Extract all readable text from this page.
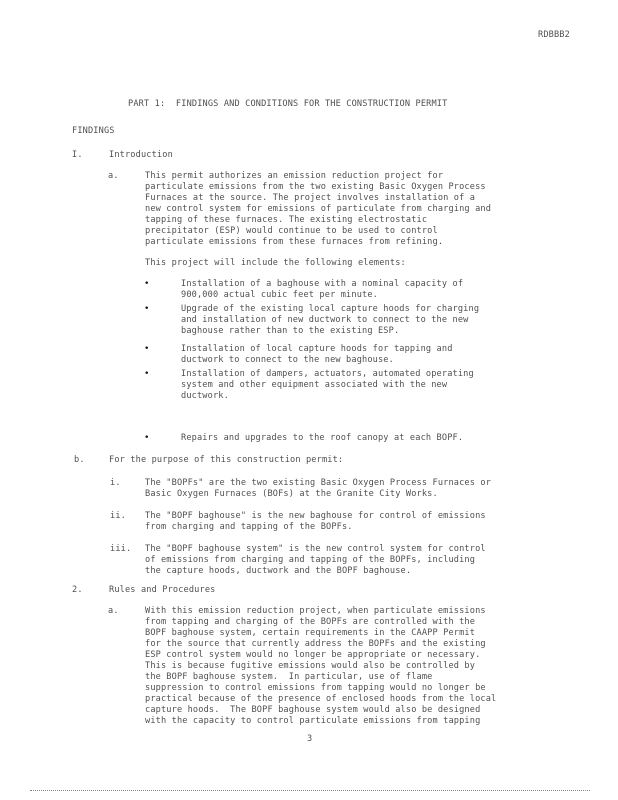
RDBBB2
PART 1:  FINDINGS AND CONDITIONS FOR THE CONSTRUCTION PERMIT
FINDINGS
I.	Introduction
a.	This permit authorizes an emission reduction project for
particulate emissions from the two existing Basic Oxygen Process
Furnaces at the source. The project involves installation of a
new control system for emissions of particulate from charging and
tapping of these furnaces. The existing electrostatic
precipitator (ESP) would continue to be used to control
particulate emissions from these furnaces from refining.
This project will include the following elements:
•	Installation of a baghouse with a nominal capacity of
900,000 actual cubic feet per minute.
•	Upgrade of the existing local capture hoods for charging
and installation of new ductwork to connect to the new
baghouse rather than to the existing ESP.
•	Installation of local capture hoods for tapping and
ductwork to connect to the new baghouse.
•	Installation of dampers, actuators, automated operating
system and other equipment associated with the new
ductwork.
•	Repairs and upgrades to the roof canopy at each BOPF.
b.	For the purpose of this construction permit:
i.	The "BOPFs" are the two existing Basic Oxygen Process Furnaces or
Basic Oxygen Furnaces (BOFs) at the Granite City Works.
ii. The "BOPF baghouse" is the new baghouse for control of emissions
from charging and tapping of the BOPFs.
iii. The "BOPF baghouse system" is the new control system for control
of emissions from charging and tapping of the BOPFs, including
the capture hoods, ductwork and the BOPF baghouse.
2.	Rules and Procedures
a.	With this emission reduction project, when particulate emissions
from tapping and charging of the BOPFs are controlled with the
BOPF baghouse system, certain requirements in the CAAPP Permit
for the source that currently address the BOPFs and the existing
ESP control system would no longer be appropriate or necessary.
This is because fugitive emissions would also be controlled by
the BOPF baghouse system.  In particular, use of flame
suppression to control emissions from tapping would no longer be
practical because of the presence of enclosed hoods from the local
capture hoods.  The BOPF baghouse system would also be designed
with the capacity to control particulate emissions from tapping
3
